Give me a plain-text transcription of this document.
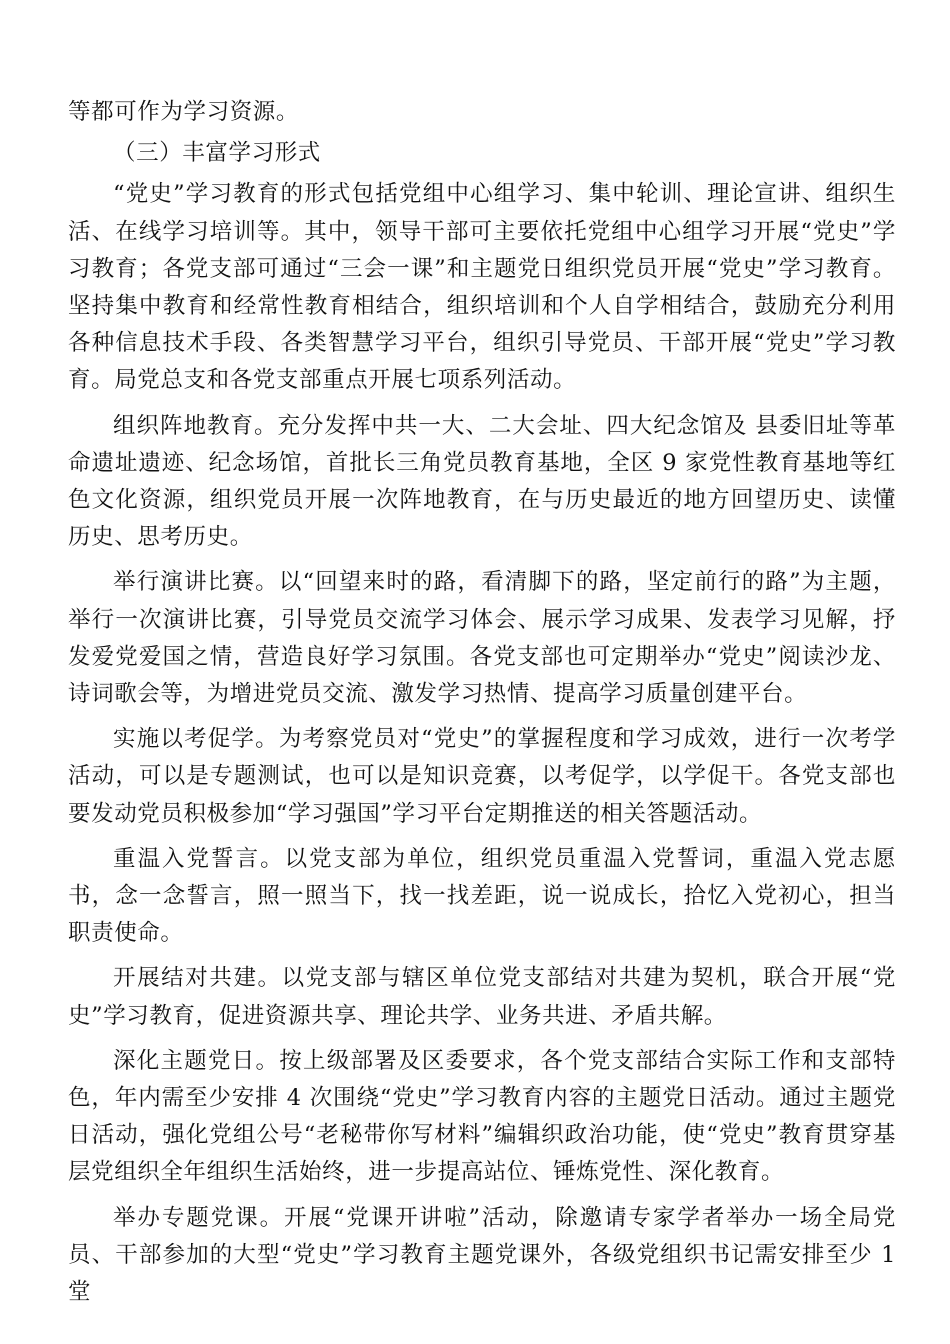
等都可作为学习资源。

（三）丰富学习形式

“党史”学习教育的形式包括党组中心组学习、集中轮训、理论宣讲、组织生活、在线学习培训等。其中，领导干部可主要依托党组中心组学习开展“党史”学习教育；各党支部可通过“三会一课”和主题党日组织党员开展“党史”学习教育。坚持集中教育和经常性教育相结合，组织培训和个人自学相结合，鼓励充分利用各种信息技术手段、各类智慧学习平台，组织引导党员、干部开展“党史”学习教育。局党总支和各党支部重点开展七项系列活动。

组织阵地教育。充分发挥中共一大、二大会址、四大纪念馆及 县委旧址等革命遗址遗迹、纪念场馆，首批长三角党员教育基地，全区 9 家党性教育基地等红色文化资源，组织党员开展一次阵地教育，在与历史最近的地方回望历史、读懂历史、思考历史。

举行演讲比赛。以“回望来时的路，看清脚下的路，坚定前行的路”为主题，举行一次演讲比赛，引导党员交流学习体会、展示学习成果、发表学习见解，抒发爱党爱国之情，营造良好学习氛围。各党支部也可定期举办“党史”阅读沙龙、诗词歌会等，为增进党员交流、激发学习热情、提高学习质量创建平台。

实施以考促学。为考察党员对“党史”的掌握程度和学习成效，进行一次考学活动，可以是专题测试，也可以是知识竞赛，以考促学，以学促干。各党支部也要发动党员积极参加“学习强国”学习平台定期推送的相关答题活动。

重温入党誓言。以党支部为单位，组织党员重温入党誓词，重温入党志愿书，念一念誓言，照一照当下，找一找差距，说一说成长，拾忆入党初心，担当职责使命。

开展结对共建。以党支部与辖区单位党支部结对共建为契机，联合开展“党史”学习教育，促进资源共享、理论共学、业务共进、矛盾共解。

深化主题党日。按上级部署及区委要求，各个党支部结合实际工作和支部特色，年内需至少安排 4 次围绕“党史”学习教育内容的主题党日活动。通过主题党日活动，强化党组公号“老秘带你写材料”编辑织政治功能，使“党史”教育贯穿基层党组织全年组织生活始终，进一步提高站位、锤炼党性、深化教育。

举办专题党课。开展“党课开讲啦”活动，除邀请专家学者举办一场全局党员、干部参加的大型“党史”学习教育主题党课外，各级党组织书记需安排至少 1 堂
